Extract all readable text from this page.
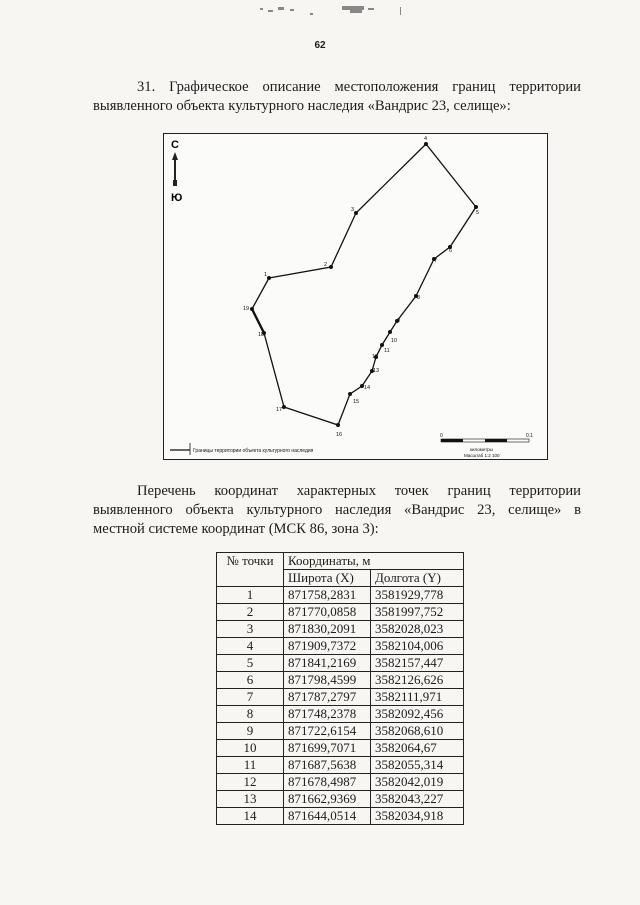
62

31. Графическое описание местоположения границ территории
выявленного объекта культурного наследия «Вандрис 23, селище»:

С
Ю
1
2
3
4
5
6
7
8
9
10
11
12
13
14
15
16
17
18
19
Границы территории объекта культурного наследия
0	0.1
километры
Масштаб 1:2 100

Перечень координат характерных точек границ территории
выявленного объекта культурного наследия «Вандрис 23, селище» в
местной системе координат (МСК 86, зона 3):

№ точки	Координаты, м	
	Широта (X)	Долгота (Y)
1	871758,2831	3581929,778
2	871770,0858	3581997,752
3	871830,2091	3582028,023
4	871909,7372	3582104,006
5	871841,2169	3582157,447
6	871798,4599	3582126,626
7	871787,2797	3582111,971
8	871748,2378	3582092,456
9	871722,6154	3582068,610
10	871699,7071	3582064,67
11	871687,5638	3582055,314
12	871678,4987	3582042,019
13	871662,9369	3582043,227
14	871644,0514	3582034,918
